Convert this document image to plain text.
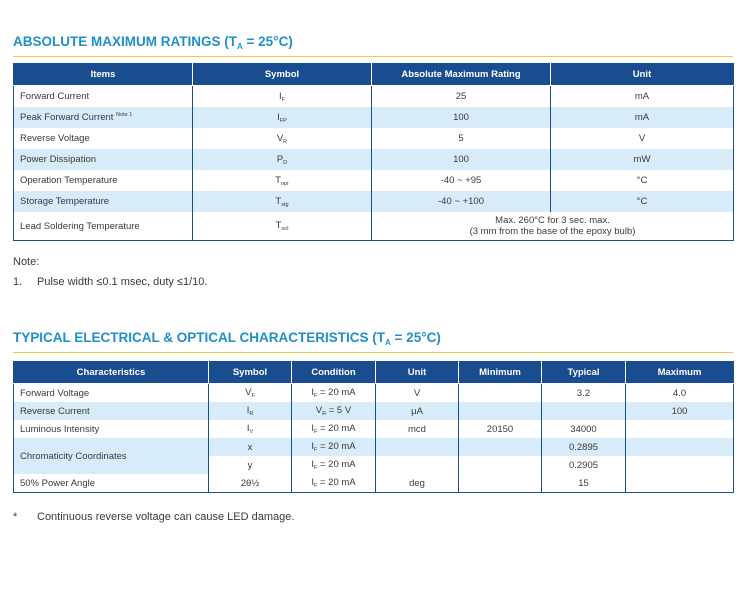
ABSOLUTE MAXIMUM RATINGS $(T_A = 25^\circ C)$
Items	Symbol	Absolute Maximum Rating	Unit
Forward Current	$I_F$	25	mA
Peak Forward Current $^{Note 1}$	$I_{FP}$	100	mA
Reverse Voltage	$V_R$	5	V
Power Dissipation	$P_D$	100	mW
Operation Temperature	$T_{opr}$	-40 ~ +95	°C
Storage Temperature	$T_{stg}$	-40 ~ +100	°C
Lead Soldering Temperature	$T_{sol}$	Max. 260°C for 3 sec. max.
(3 mm from the base of the epoxy bulb)	
Note:
1. Pulse width ≤0.1 msec, duty ≤1/10.
TYPICAL ELECTRICAL & OPTICAL CHARACTERISTICS $(T_A = 25^\circ C)$
Characteristics	Symbol	Condition	Unit	Minimum	Typical	Maximum
Forward Voltage	$V_F$	$I_F = 20$ mA	V		3.2	4.0
Reverse Current	$I_R$	$V_R = 5$ V	μA			100
Luminous Intensity	$I_V$	$I_F = 20$ mA	mcd	20150	34000	
Chromaticity Coordinates	x	$I_F = 20$ mA			0.2895	
	y	$I_F = 20$ mA			0.2905	
50% Power Angle	2θ½	$I_F = 20$ mA	deg		15	
* Continuous reverse voltage can cause LED damage.
